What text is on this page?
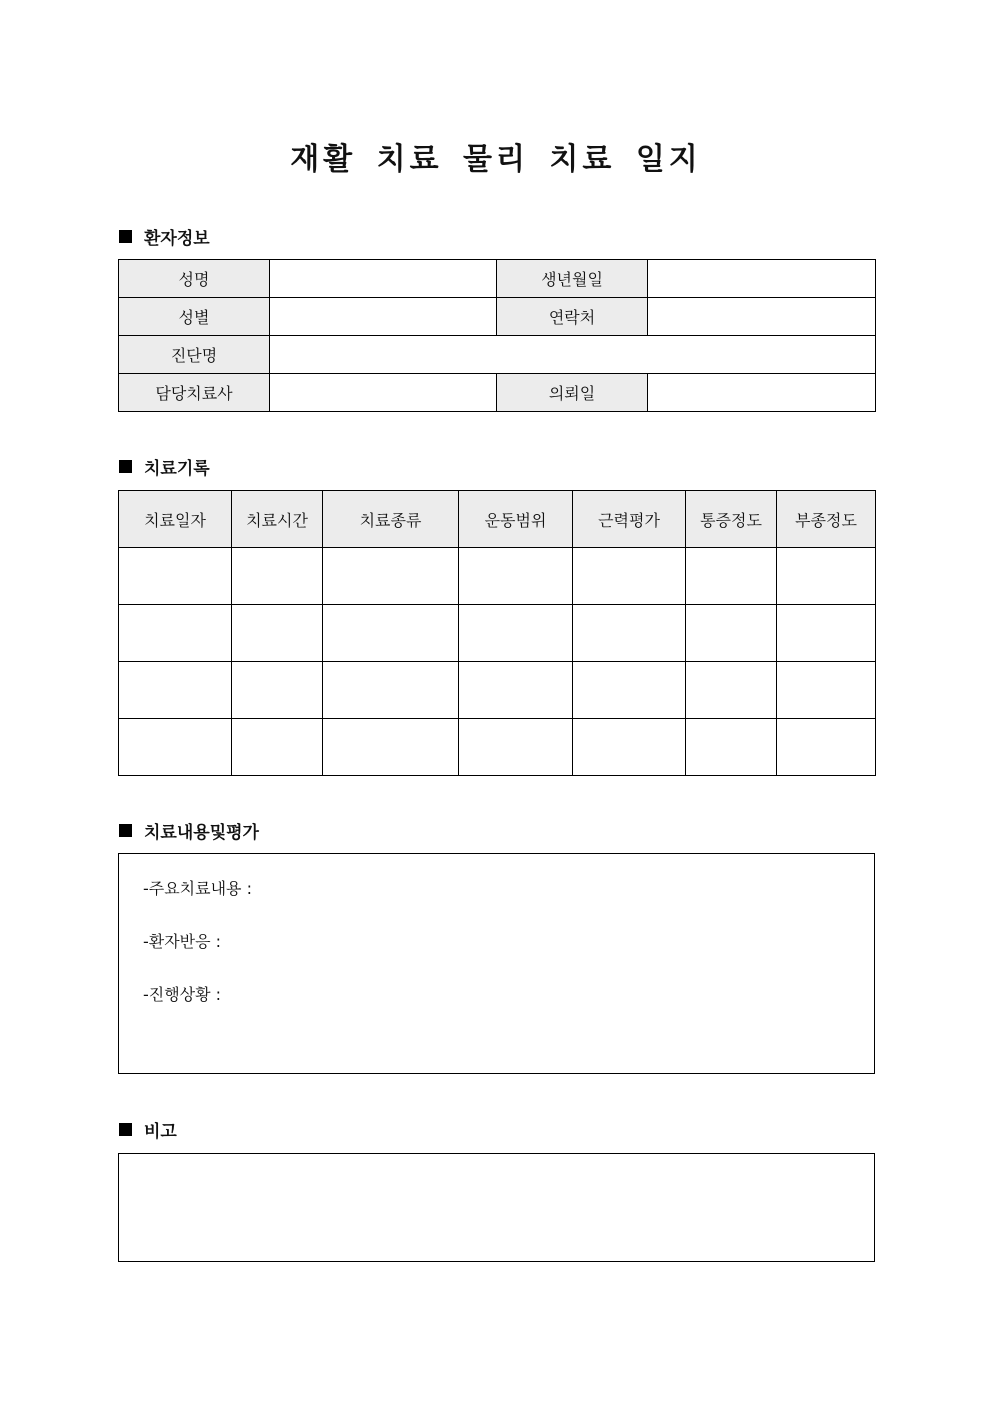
재활 치료 물리 치료 일지
환자정보
성명		생년월일	
성별		연락처	
진단명			
담당치료사		의뢰일	
치료기록
치료일자	치료시간	치료종류	운동범위	근력평가	통증정도	부종정도

치료내용및평가
-주요치료내용 :
-환자반응 :
-진행상황 :
비고
